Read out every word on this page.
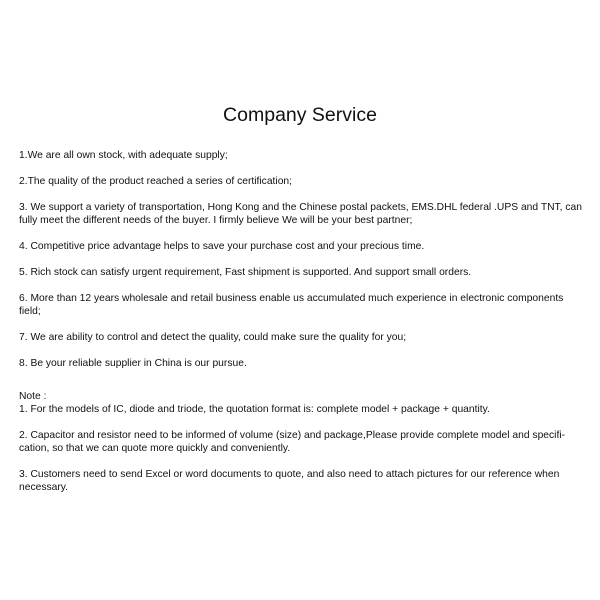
Company Service
1.We are all own stock, with adequate supply;
2.The quality of the product reached a series of certification;
3. We support a variety of transportation, Hong Kong and the Chinese postal packets, EMS.DHL federal .UPS and TNT, can fully meet the different needs of the buyer. I firmly believe We will be your best partner;
4. Competitive price advantage helps to save your purchase cost and your precious time.
5. Rich stock can satisfy urgent requirement, Fast shipment is supported. And support small orders.
6. More than 12 years wholesale and retail business enable us accumulated much experience in electronic components field;
7. We are ability to control and detect the quality, could make sure the quality for you;
8. Be your reliable supplier in China is our pursue.
Note :
1. For the models of IC, diode and triode, the quotation format is: complete model + package + quantity.
2. Capacitor and resistor need to be informed of volume (size) and package,Please provide complete model and specifi-cation, so that we can quote more quickly and conveniently.
3. Customers need to send Excel or word documents to quote, and also need to attach pictures for our reference when necessary.
